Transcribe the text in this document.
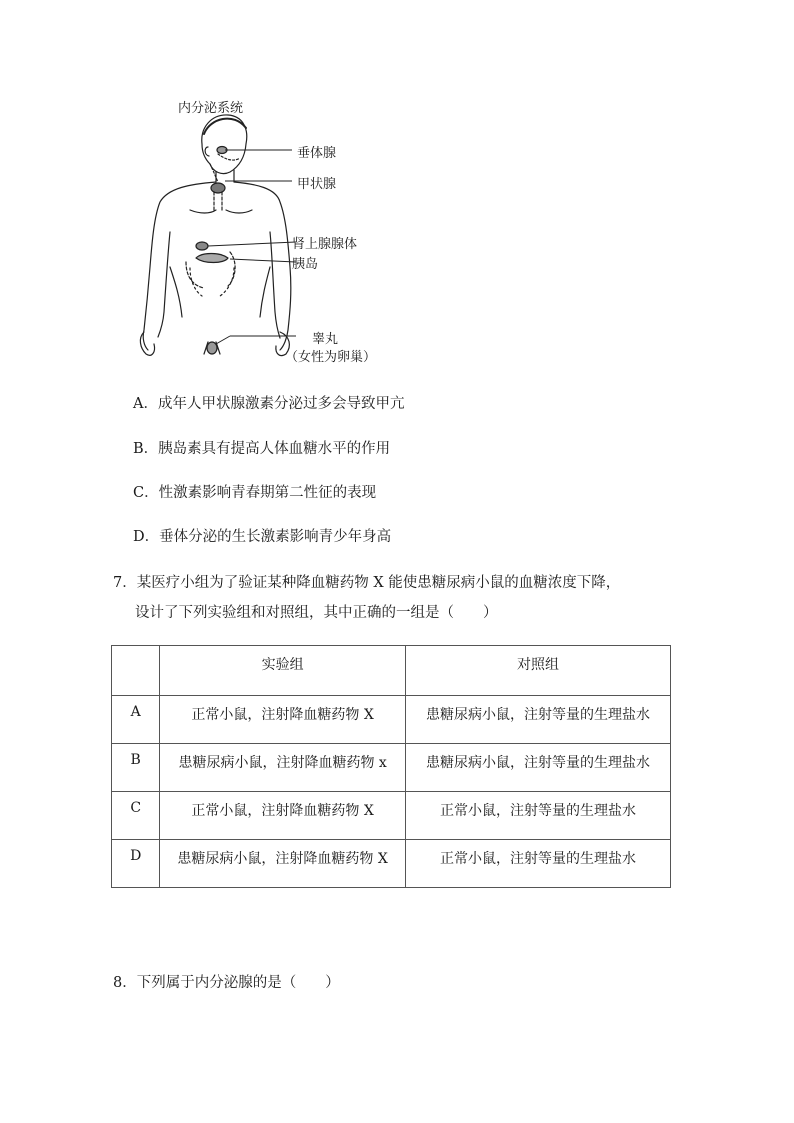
内分泌系统
垂体腺
甲状腺
肾上腺腺体
胰岛
睾丸
（女性为卵巢）
A．成年人甲状腺激素分泌过多会导致甲亢
B．胰岛素具有提高人体血糖水平的作用
C．性激素影响青春期第二性征的表现
D．垂体分泌的生长激素影响青少年身高
7．某医疗小组为了验证某种降血糖药物 X 能使患糖尿病小鼠的血糖浓度下降，
设计了下列实验组和对照组，其中正确的一组是（　　）
	实验组	对照组
A	正常小鼠，注射降血糖药物 X	患糖尿病小鼠，注射等量的生理盐水
B	患糖尿病小鼠，注射降血糖药物 x	患糖尿病小鼠，注射等量的生理盐水
C	正常小鼠，注射降血糖药物 X	正常小鼠，注射等量的生理盐水
D	患糖尿病小鼠，注射降血糖药物 X	正常小鼠，注射等量的生理盐水
8．下列属于内分泌腺的是（　　）
